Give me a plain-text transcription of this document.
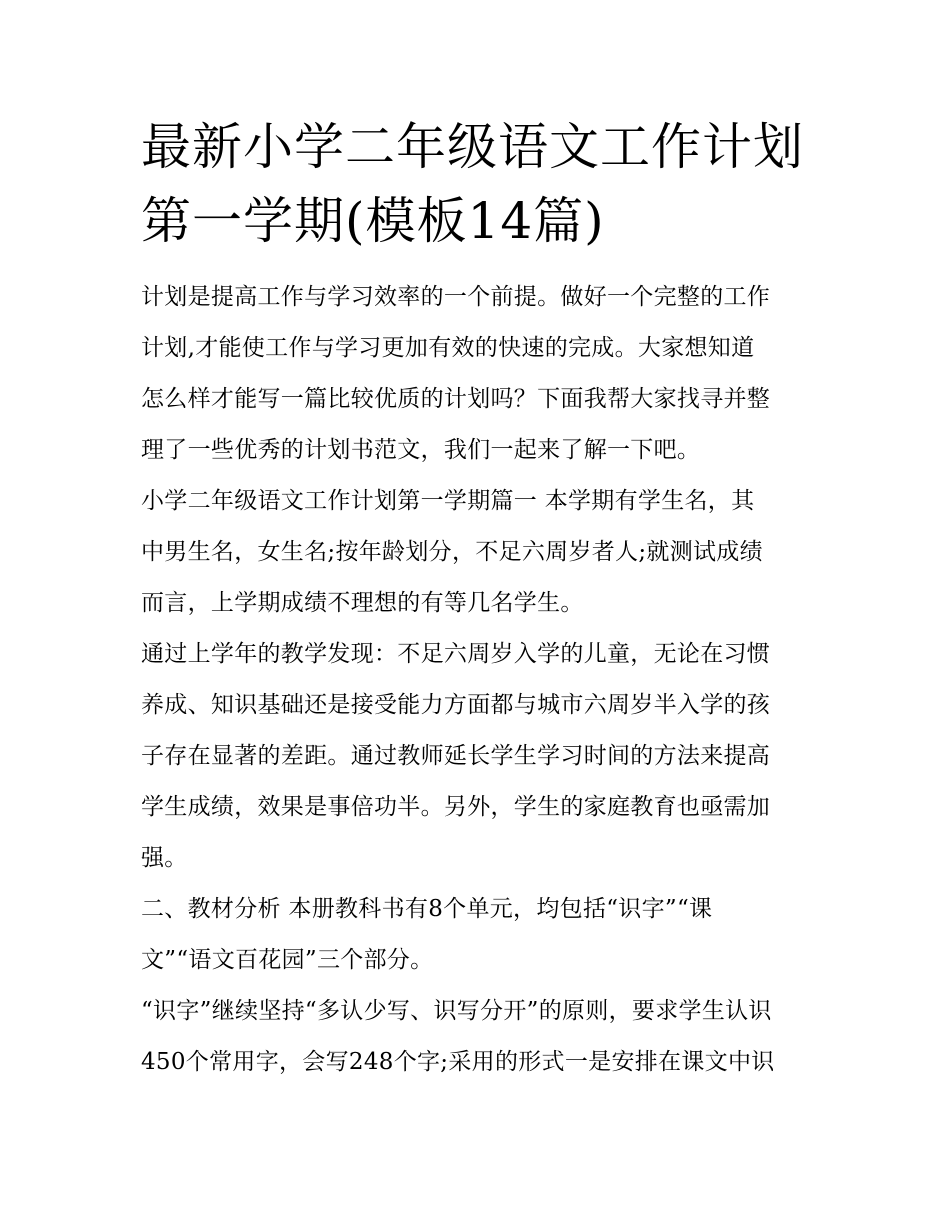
最新小学二年级语文工作计划
第一学期(模板14篇)

计划是提高工作与学习效率的一个前提。做好一个完整的工作
计划,才能使工作与学习更加有效的快速的完成。大家想知道
怎么样才能写一篇比较优质的计划吗？下面我帮大家找寻并整
理了一些优秀的计划书范文，我们一起来了解一下吧。

小学二年级语文工作计划第一学期篇一 本学期有学生名，其
中男生名，女生名;按年龄划分，不足六周岁者人;就测试成绩
而言，上学期成绩不理想的有等几名学生。

通过上学年的教学发现：不足六周岁入学的儿童，无论在习惯
养成、知识基础还是接受能力方面都与城市六周岁半入学的孩
子存在显著的差距。通过教师延长学生学习时间的方法来提高
学生成绩，效果是事倍功半。另外，学生的家庭教育也亟需加
强。

二、教材分析 本册教科书有8个单元，均包括“识字”“课
文”“语文百花园”三个部分。

“识字”继续坚持“多认少写、识写分开”的原则，要求学生认识
450个常用字，会写248个字;采用的形式一是安排在课文中识
